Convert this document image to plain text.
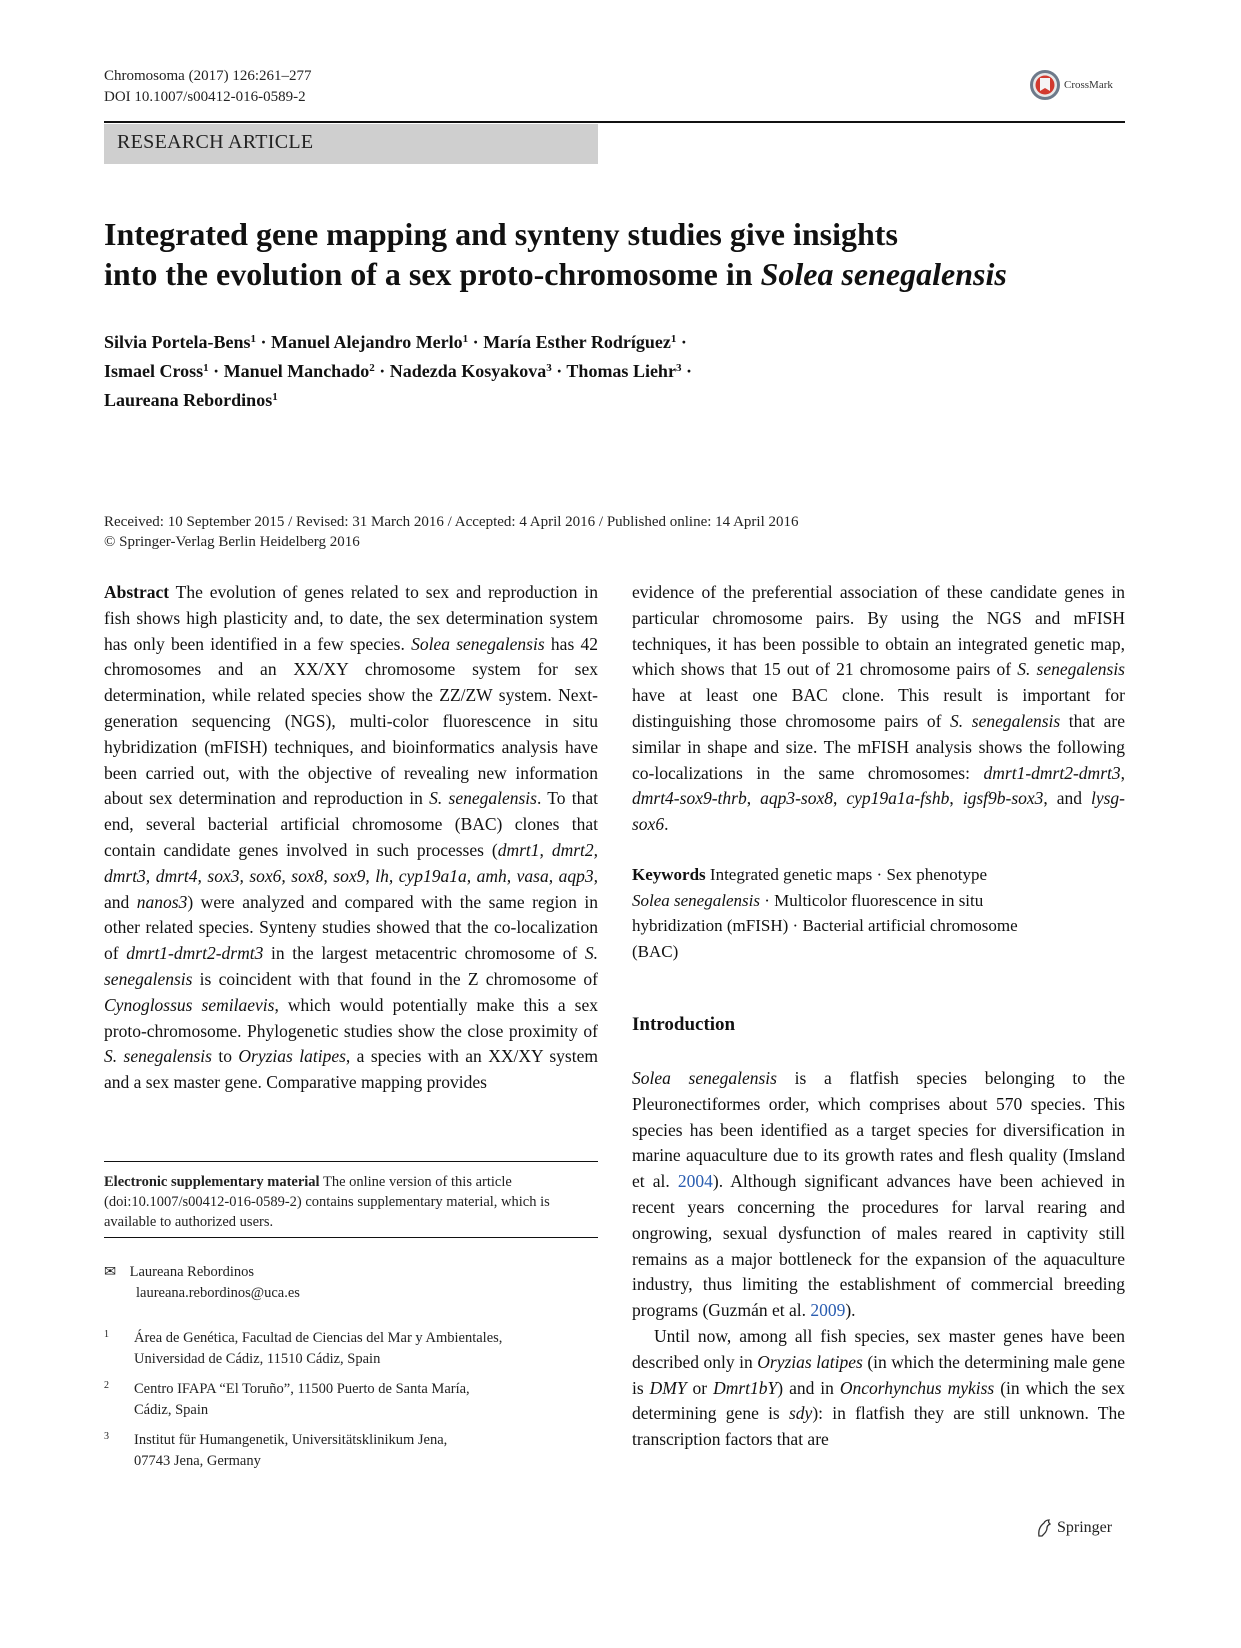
Chromosoma (2017) 126:261–277
DOI 10.1007/s00412-016-0589-2
CrossMark
RESEARCH ARTICLE
Integrated gene mapping and synteny studies give insights
into the evolution of a sex proto-chromosome in Solea senegalensis
Silvia Portela-Bens$^1$ · Manuel Alejandro Merlo$^1$ · María Esther Rodríguez$^1$ ·
Ismael Cross$^1$ · Manuel Manchado$^2$ · Nadezda Kosyakova$^3$ · Thomas Liehr$^3$ ·
Laureana Rebordinos$^1$
Received: 10 September 2015 / Revised: 31 March 2016 / Accepted: 4 April 2016 / Published online: 14 April 2016
© Springer-Verlag Berlin Heidelberg 2016

Abstract The evolution of genes related to sex and reproduction in fish shows high plasticity and, to date, the sex determination system has only been identified in a few species. Solea senegalensis has 42 chromosomes and an XX/XY chromosome system for sex determination, while related species show the ZZ/ZW system. Next-generation sequencing (NGS), multi-color fluorescence in situ hybridization (mFISH) techniques, and bioinformatics analysis have been carried out, with the objective of revealing new information about sex determination and reproduction in S. senegalensis. To that end, several bacterial artificial chromosome (BAC) clones that contain candidate genes involved in such processes (dmrt1, dmrt2, dmrt3, dmrt4, sox3, sox6, sox8, sox9, lh, cyp19a1a, amh, vasa, aqp3, and nanos3) were analyzed and compared with the same region in other related species. Synteny studies showed that the co-localization of dmrt1-dmrt2-drmt3 in the largest metacentric chromosome of S. senegalensis is coincident with that found in the Z chromosome of Cynoglossus semilaevis, which would potentially make this a sex proto-chromosome. Phylogenetic studies show the close proximity of S. senegalensis to Oryzias latipes, a species with an XX/XY system and a sex master gene. Comparative mapping provides

Electronic supplementary material The online version of this article (doi:10.1007/s00412-016-0589-2) contains supplementary material, which is available to authorized users.
✉ Laureana Rebordinos
laureana.rebordinos@uca.es
1	Área de Genética, Facultad de Ciencias del Mar y Ambientales,
Universidad de Cádiz, 11510 Cádiz, Spain
2	Centro IFAPA “El Toruño”, 11500 Puerto de Santa María,
Cádiz, Spain
3	Institut für Humangenetik, Universitätsklinikum Jena,
07743 Jena, Germany

evidence of the preferential association of these candidate genes in particular chromosome pairs. By using the NGS and mFISH techniques, it has been possible to obtain an integrated genetic map, which shows that 15 out of 21 chromosome pairs of S. senegalensis have at least one BAC clone. This result is important for distinguishing those chromosome pairs of S. senegalensis that are similar in shape and size. The mFISH analysis shows the following co-localizations in the same chromosomes: dmrt1-dmrt2-dmrt3, dmrt4-sox9-thrb, aqp3-sox8, cyp19a1a-fshb, igsf9b-sox3, and lysg-sox6.

Keywords Integrated genetic maps · Sex phenotype
Solea senegalensis · Multicolor fluorescence in situ
hybridization (mFISH) · Bacterial artificial chromosome
(BAC)
Introduction

Solea senegalensis is a flatfish species belonging to the Pleuronectiformes order, which comprises about 570 species. This species has been identified as a target species for diversification in marine aquaculture due to its growth rates and flesh quality (Imsland et al. 2004). Although significant advances have been achieved in recent years concerning the procedures for larval rearing and ongrowing, sexual dysfunction of males reared in captivity still remains as a major bottleneck for the expansion of the aquaculture industry, thus limiting the establishment of commercial breeding programs (Guzmán et al. 2009).

Until now, among all fish species, sex master genes have been described only in Oryzias latipes (in which the determining male gene is DMY or Dmrt1bY) and in Oncorhynchus mykiss (in which the sex determining gene is sdy): in flatfish they are still unknown. The transcription factors that are

Springer
